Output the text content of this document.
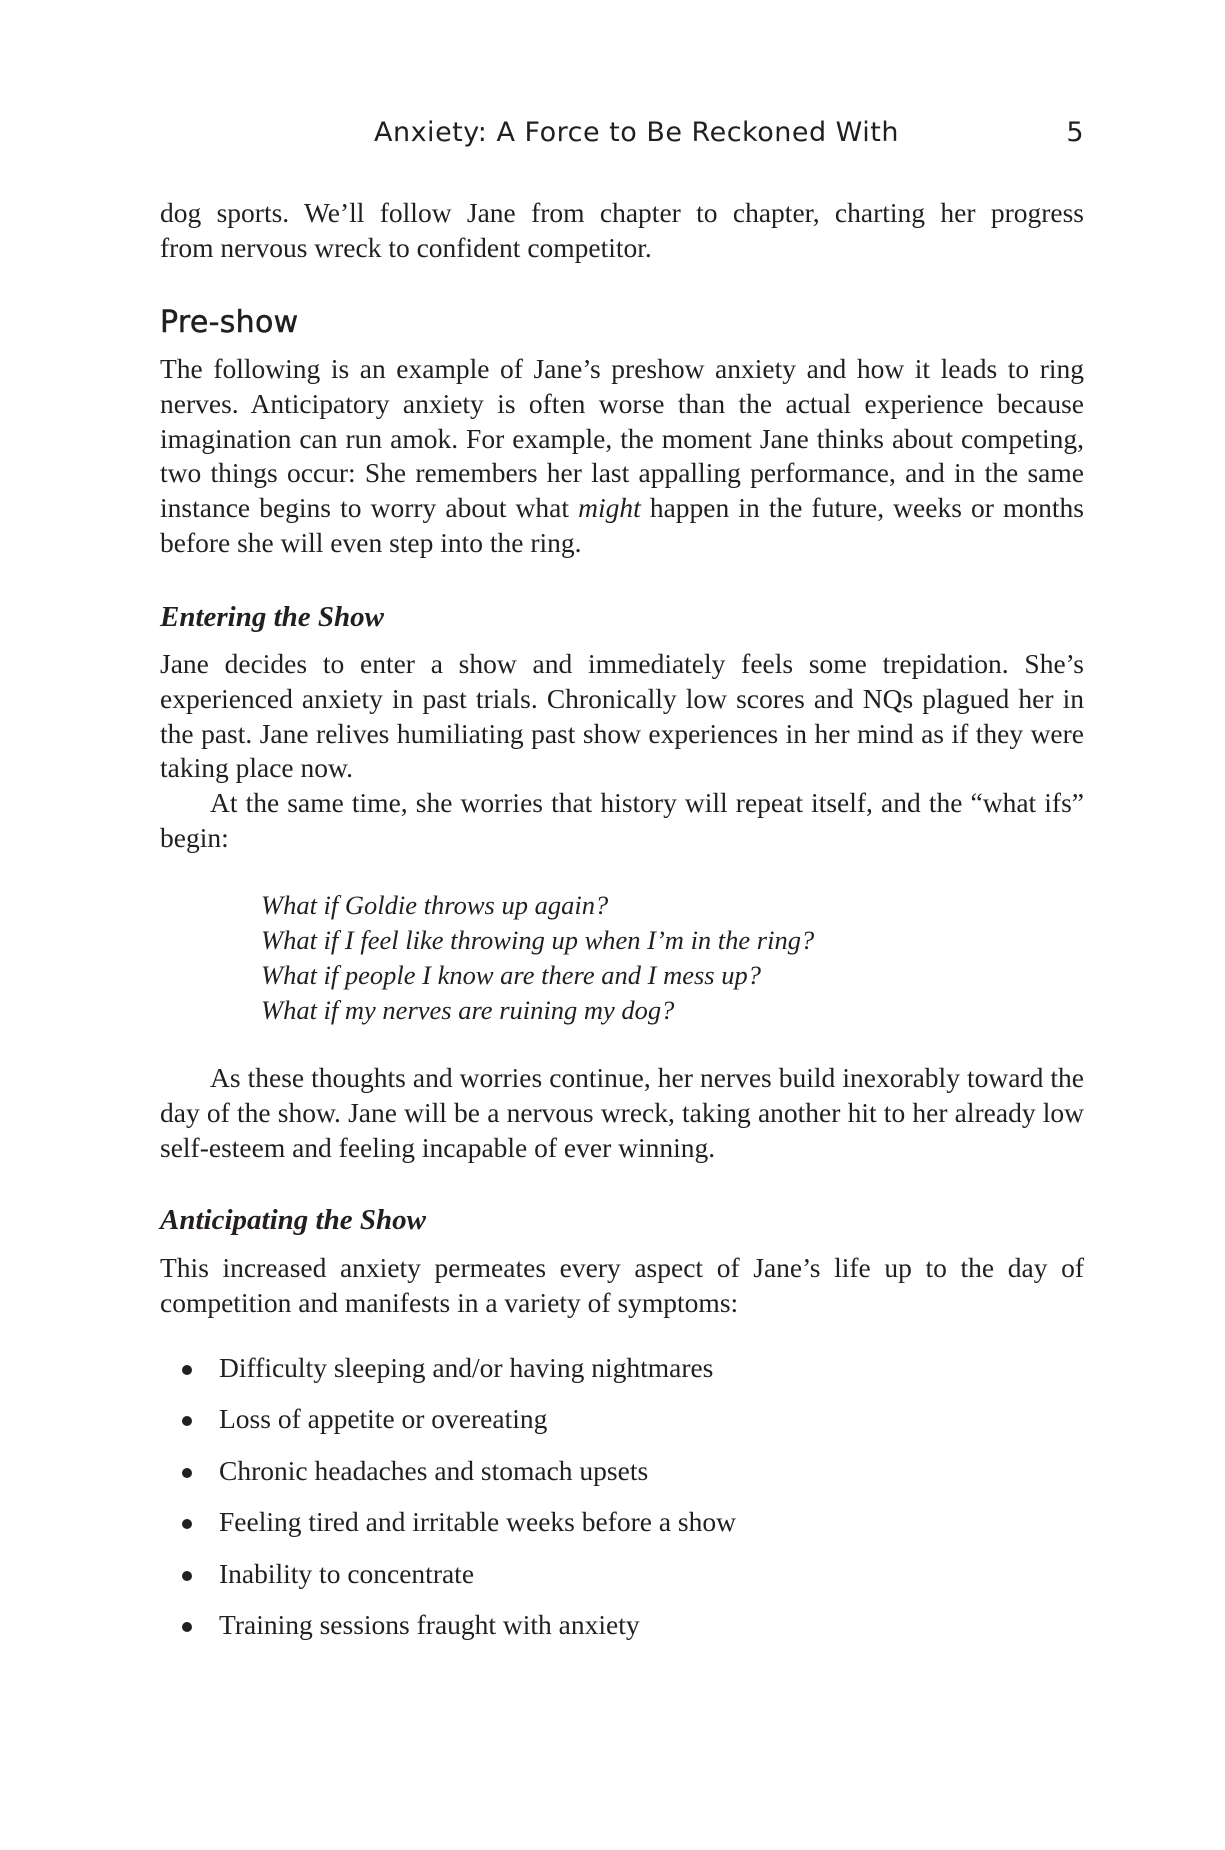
Anxiety: A Force to Be Reckoned With	5

dog sports. We’ll follow Jane from chapter to chapter, charting her progress

from nervous wreck to confident competitor.

Pre-show

The following is an example of Jane’s preshow anxiety and how it leads to ring nerves. Anticipatory anxiety is often worse than the actual experience because imagination can run amok. For example, the moment Jane thinks about competing, two things occur: She remembers her last appalling performance, and in the same instance begins to worry about what might happen in the future, weeks or months before she will even step into the ring.

Entering the Show

Jane decides to enter a show and immediately feels some trepidation. She’s experienced anxiety in past trials. Chronically low scores and NQs plagued her in the past. Jane relives humiliating past show experiences in her mind as if they were taking place now.

At the same time, she worries that history will repeat itself, and the “what ifs” begin:

What if Goldie throws up again?
What if I feel like throwing up when I’m in the ring?
What if people I know are there and I mess up?
What if my nerves are ruining my dog?

As these thoughts and worries continue, her nerves build inexorably toward the day of the show. Jane will be a nervous wreck, taking another hit to her already low self-esteem and feeling incapable of ever winning.

Anticipating the Show

This increased anxiety permeates every aspect of Jane’s life up to the day of competition and manifests in a variety of symptoms:

Difficulty sleeping and/or having nightmares
Loss of appetite or overeating
Chronic headaches and stomach upsets
Feeling tired and irritable weeks before a show
Inability to concentrate
Training sessions fraught with anxiety
